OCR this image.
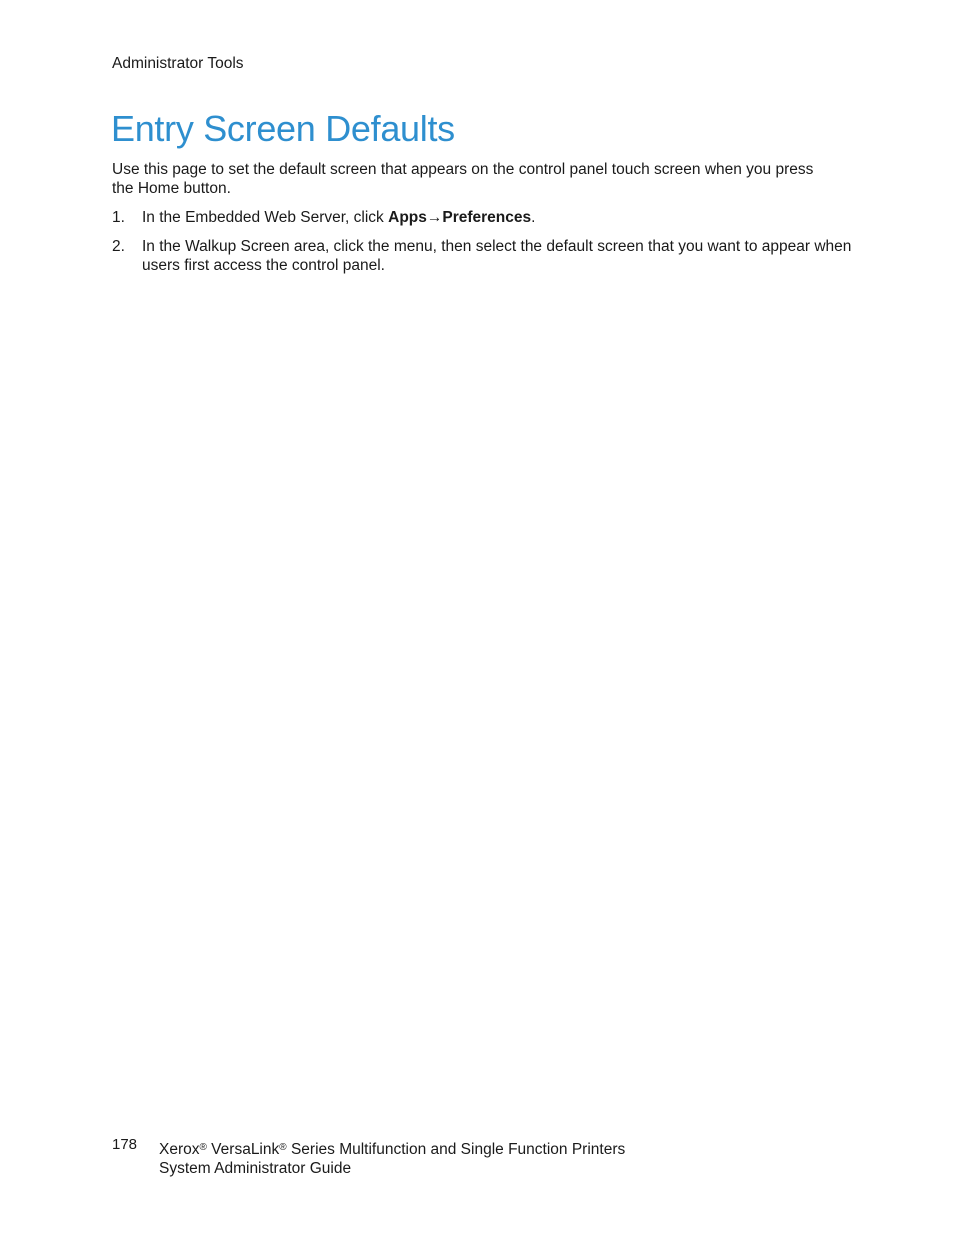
Administrator Tools
Entry Screen Defaults

Use this page to set the default screen that appears on the control panel touch screen when you press the Home button.

1. In the Embedded Web Server, click Apps→Preferences.
2. In the Walkup Screen area, click the menu, then select the default screen that you want to appear when users first access the control panel.
178 Xerox® VersaLink® Series Multifunction and Single Function Printers
System Administrator Guide
